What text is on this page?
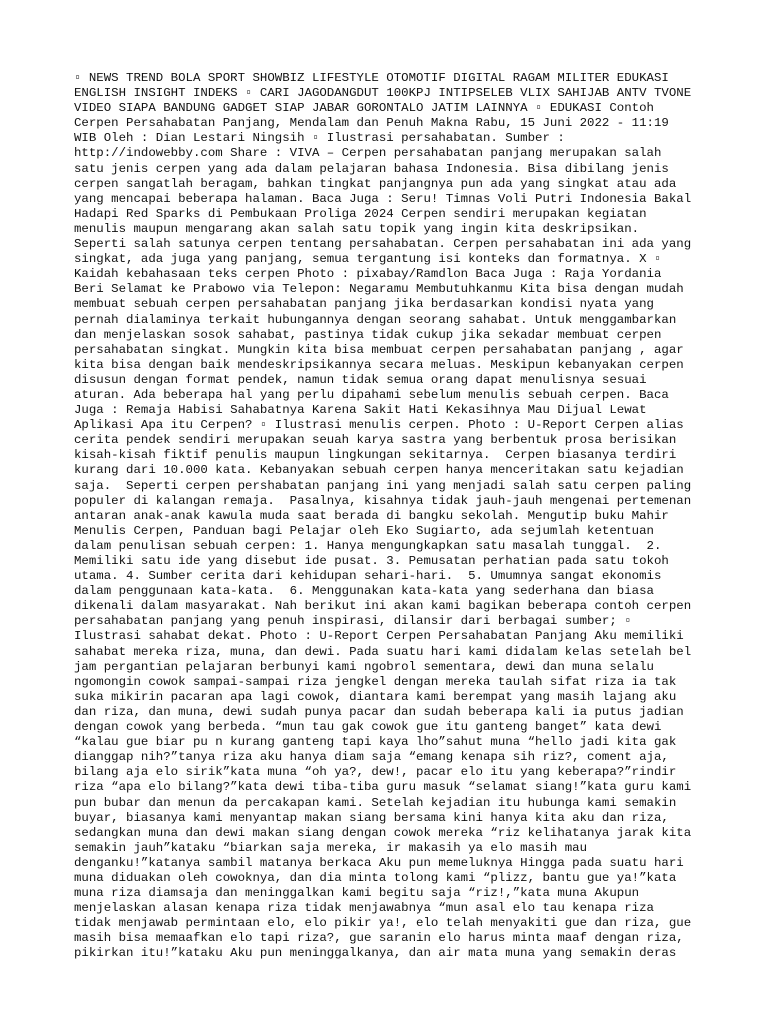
▫ NEWS TREND BOLA SPORT SHOWBIZ LIFESTYLE OTOMOTIF DIGITAL RAGAM MILITER EDUKASI
ENGLISH INSIGHT INDEKS ▫ CARI JAGODANGDUT 100KPJ INTIPSELEB VLIX SAHIJAB ANTV TVONE
VIDEO SIAPA BANDUNG GADGET SIAP JABAR GORONTALO JATIM LAINNYA ▫ EDUKASI Contoh
Cerpen Persahabatan Panjang, Mendalam dan Penuh Makna Rabu, 15 Juni 2022 - 11:19
WIB Oleh : Dian Lestari Ningsih ▫ Ilustrasi persahabatan. Sumber :
http://indowebby.com Share : VIVA – Cerpen persahabatan panjang merupakan salah
satu jenis cerpen yang ada dalam pelajaran bahasa Indonesia. Bisa dibilang jenis
cerpen sangatlah beragam, bahkan tingkat panjangnya pun ada yang singkat atau ada
yang mencapai beberapa halaman. Baca Juga : Seru! Timnas Voli Putri Indonesia Bakal
Hadapi Red Sparks di Pembukaan Proliga 2024 Cerpen sendiri merupakan kegiatan
menulis maupun mengarang akan salah satu topik yang ingin kita deskripsikan.
Seperti salah satunya cerpen tentang persahabatan. Cerpen persahabatan ini ada yang
singkat, ada juga yang panjang, semua tergantung isi konteks dan formatnya. X ▫
Kaidah kebahasaan teks cerpen Photo : pixabay/Ramdlon Baca Juga : Raja Yordania
Beri Selamat ke Prabowo via Telepon: Negaramu Membutuhkanmu Kita bisa dengan mudah
membuat sebuah cerpen persahabatan panjang jika berdasarkan kondisi nyata yang
pernah dialaminya terkait hubungannya dengan seorang sahabat. Untuk menggambarkan
dan menjelaskan sosok sahabat, pastinya tidak cukup jika sekadar membuat cerpen
persahabatan singkat. Mungkin kita bisa membuat cerpen persahabatan panjang , agar
kita bisa dengan baik mendeskripsikannya secara meluas. Meskipun kebanyakan cerpen
disusun dengan format pendek, namun tidak semua orang dapat menulisnya sesuai
aturan. Ada beberapa hal yang perlu dipahami sebelum menulis sebuah cerpen. Baca
Juga : Remaja Habisi Sahabatnya Karena Sakit Hati Kekasihnya Mau Dijual Lewat
Aplikasi Apa itu Cerpen? ▫ Ilustrasi menulis cerpen. Photo : U-Report Cerpen alias
cerita pendek sendiri merupakan seuah karya sastra yang berbentuk prosa berisikan
kisah-kisah fiktif penulis maupun lingkungan sekitarnya.  Cerpen biasanya terdiri
kurang dari 10.000 kata. Kebanyakan sebuah cerpen hanya menceritakan satu kejadian
saja.  Seperti cerpen pershabatan panjang ini yang menjadi salah satu cerpen paling
populer di kalangan remaja.  Pasalnya, kisahnya tidak jauh-jauh mengenai pertemenan
antaran anak-anak kawula muda saat berada di bangku sekolah. Mengutip buku Mahir
Menulis Cerpen, Panduan bagi Pelajar oleh Eko Sugiarto, ada sejumlah ketentuan
dalam penulisan sebuah cerpen: 1. Hanya mengungkapkan satu masalah tunggal.  2.
Memiliki satu ide yang disebut ide pusat. 3. Pemusatan perhatian pada satu tokoh
utama. 4. Sumber cerita dari kehidupan sehari-hari.  5. Umumnya sangat ekonomis
dalam penggunaan kata-kata.  6. Menggunakan kata-kata yang sederhana dan biasa
dikenali dalam masyarakat. Nah berikut ini akan kami bagikan beberapa contoh cerpen
persahabatan panjang yang penuh inspirasi, dilansir dari berbagai sumber; ▫
Ilustrasi sahabat dekat. Photo : U-Report Cerpen Persahabatan Panjang Aku memiliki
sahabat mereka riza, muna, dan dewi. Pada suatu hari kami didalam kelas setelah bel
jam pergantian pelajaran berbunyi kami ngobrol sementara, dewi dan muna selalu
ngomongin cowok sampai-sampai riza jengkel dengan mereka taulah sifat riza ia tak
suka mikirin pacaran apa lagi cowok, diantara kami berempat yang masih lajang aku
dan riza, dan muna, dewi sudah punya pacar dan sudah beberapa kali ia putus jadian
dengan cowok yang berbeda. “mun tau gak cowok gue itu ganteng banget” kata dewi
“kalau gue biar pu n kurang ganteng tapi kaya lho”sahut muna “hello jadi kita gak
dianggap nih?”tanya riza aku hanya diam saja “emang kenapa sih riz?, coment aja,
bilang aja elo sirik”kata muna “oh ya?, dew!, pacar elo itu yang keberapa?”rindir
riza “apa elo bilang?”kata dewi tiba-tiba guru masuk “selamat siang!”kata guru kami
pun bubar dan menun da percakapan kami. Setelah kejadian itu hubunga kami semakin
buyar, biasanya kami menyantap makan siang bersama kini hanya kita aku dan riza,
sedangkan muna dan dewi makan siang dengan cowok mereka “riz kelihatanya jarak kita
semakin jauh”kataku “biarkan saja mereka, ir makasih ya elo masih mau
denganku!”katanya sambil matanya berkaca Aku pun memeluknya Hingga pada suatu hari
muna diduakan oleh cowoknya, dan dia minta tolong kami “plizz, bantu gue ya!”kata
muna riza diamsaja dan meninggalkan kami begitu saja “riz!,”kata muna Akupun
menjelaskan alasan kenapa riza tidak menjawabnya “mun asal elo tau kenapa riza
tidak menjawab permintaan elo, elo pikir ya!, elo telah menyakiti gue dan riza, gue
masih bisa memaafkan elo tapi riza?, gue saranin elo harus minta maaf dengan riza,
pikirkan itu!”kataku Aku pun meninggalkanya, dan air mata muna yang semakin deras
